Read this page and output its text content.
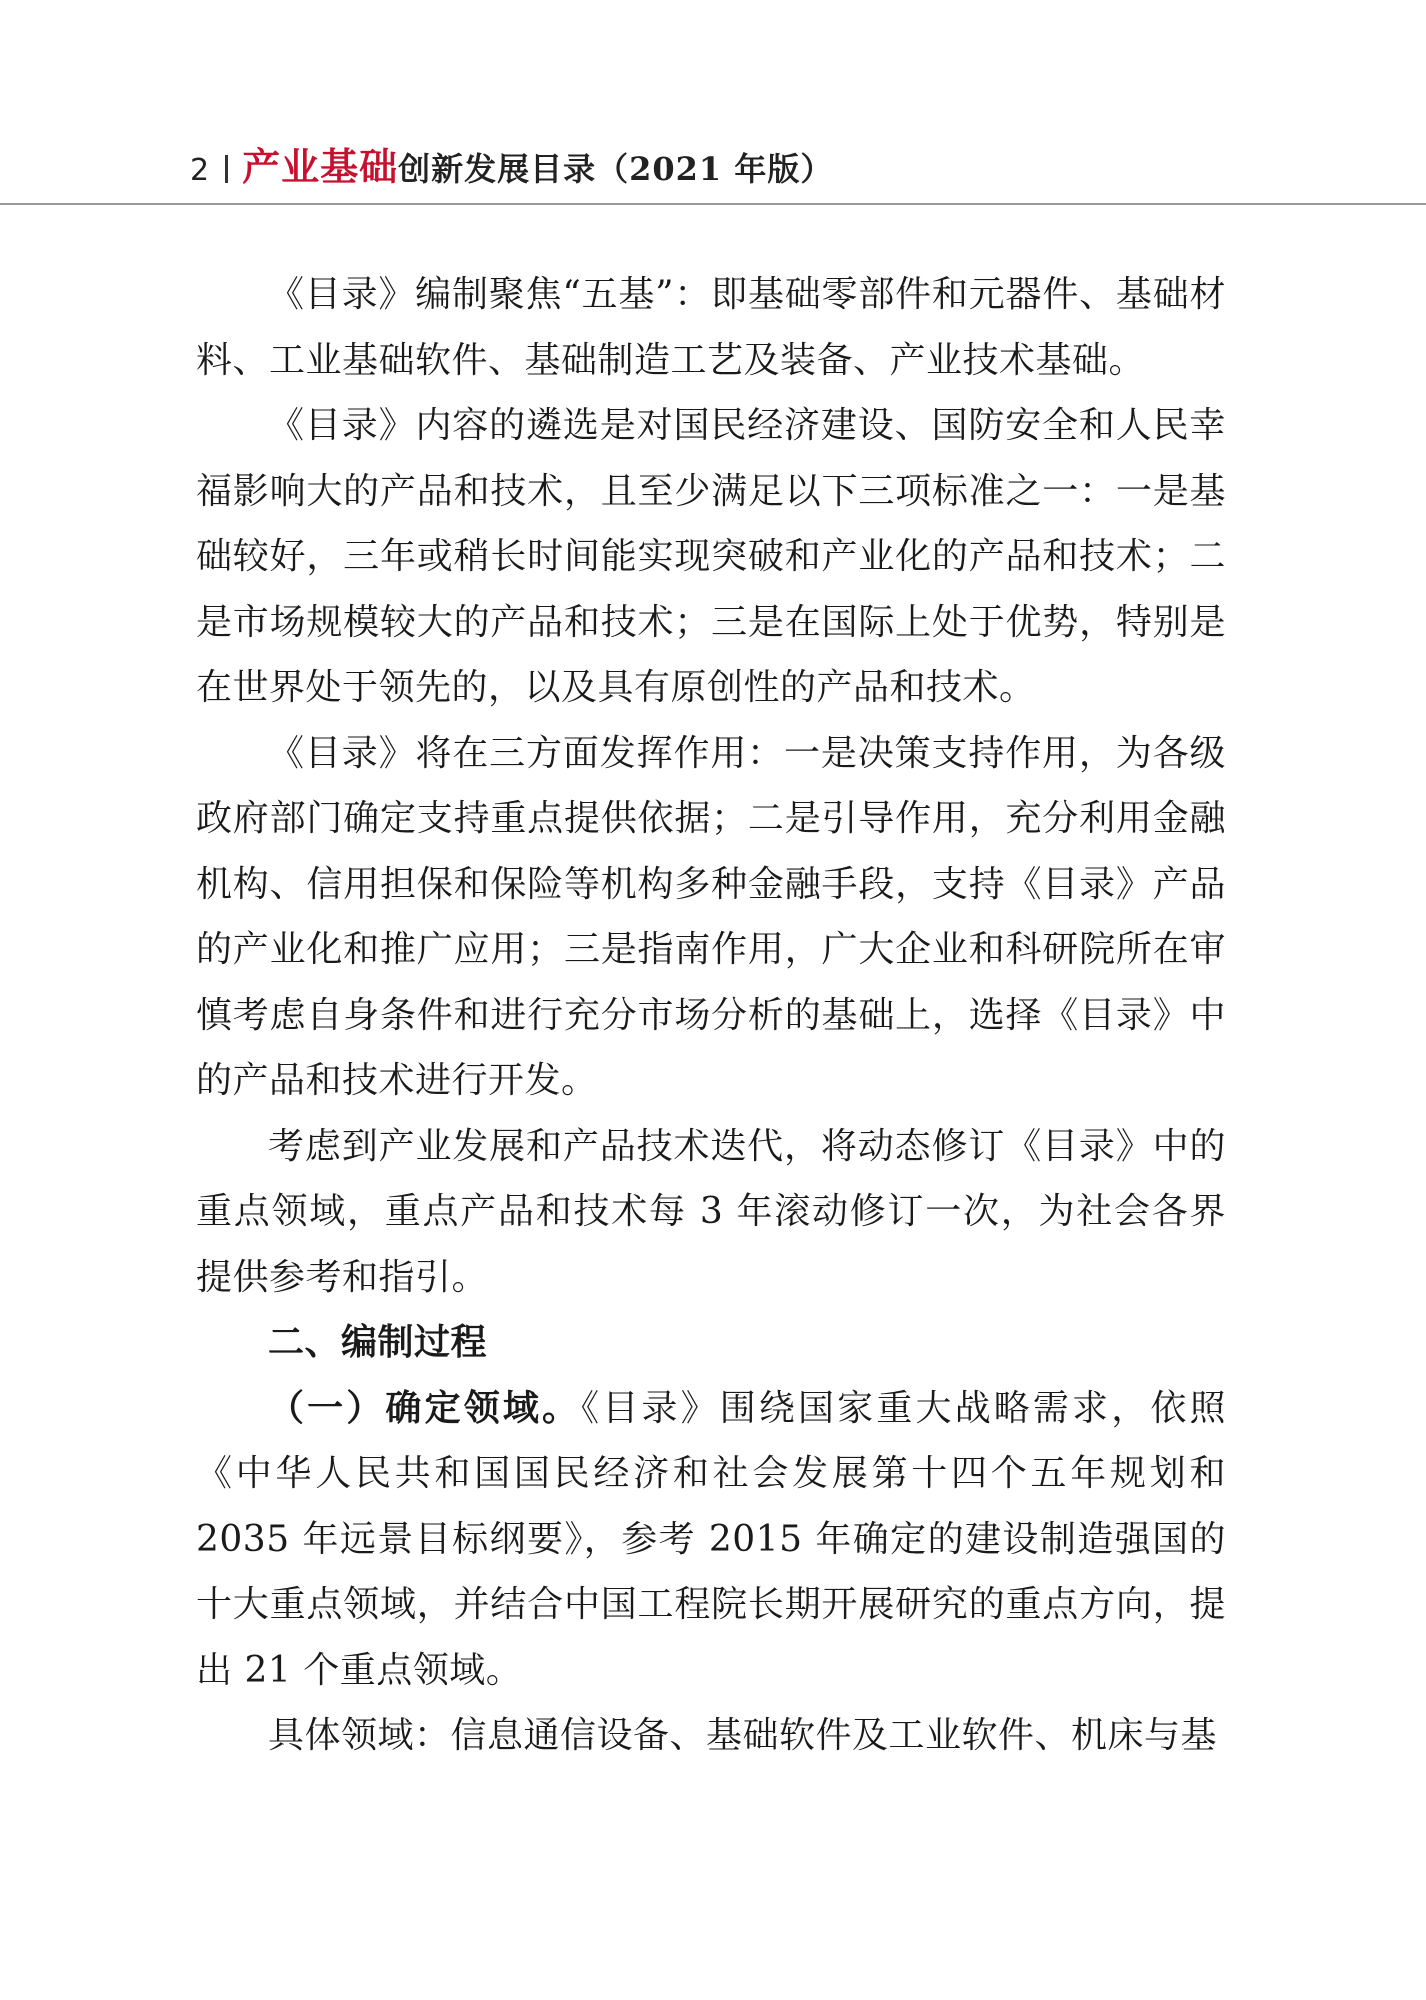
2 产业基础 创新发展目录（2021 年版）

《目录》编制聚焦“五基”：即基础零部件和元器件、基础材料、工业基础软件、基础制造工艺及装备、产业技术基础。

《目录》内容的遴选是对国民经济建设、国防安全和人民幸福影响大的产品和技术，且至少满足以下三项标准之一：一是基础较好，三年或稍长时间能实现突破和产业化的产品和技术；二是市场规模较大的产品和技术；三是在国际上处于优势，特别是在世界处于领先的，以及具有原创性的产品和技术。

《目录》将在三方面发挥作用：一是决策支持作用，为各级政府部门确定支持重点提供依据；二是引导作用，充分利用金融机构、信用担保和保险等机构多种金融手段，支持《目录》产品的产业化和推广应用；三是指南作用，广大企业和科研院所在审慎考虑自身条件和进行充分市场分析的基础上，选择《目录》中的产品和技术进行开发。

考虑到产业发展和产品技术迭代，将动态修订《目录》中的重点领域，重点产品和技术每 3 年滚动修订一次，为社会各界提供参考和指引。

二、编制过程

（一）确定领域。《目录》围绕国家重大战略需求，依照《中华人民共和国国民经济和社会发展第十四个五年规划和 2035 年远景目标纲要》，参考 2015 年确定的建设制造强国的十大重点领域，并结合中国工程院长期开展研究的重点方向，提出 21 个重点领域。

具体领域：信息通信设备、基础软件及工业软件、机床与基
